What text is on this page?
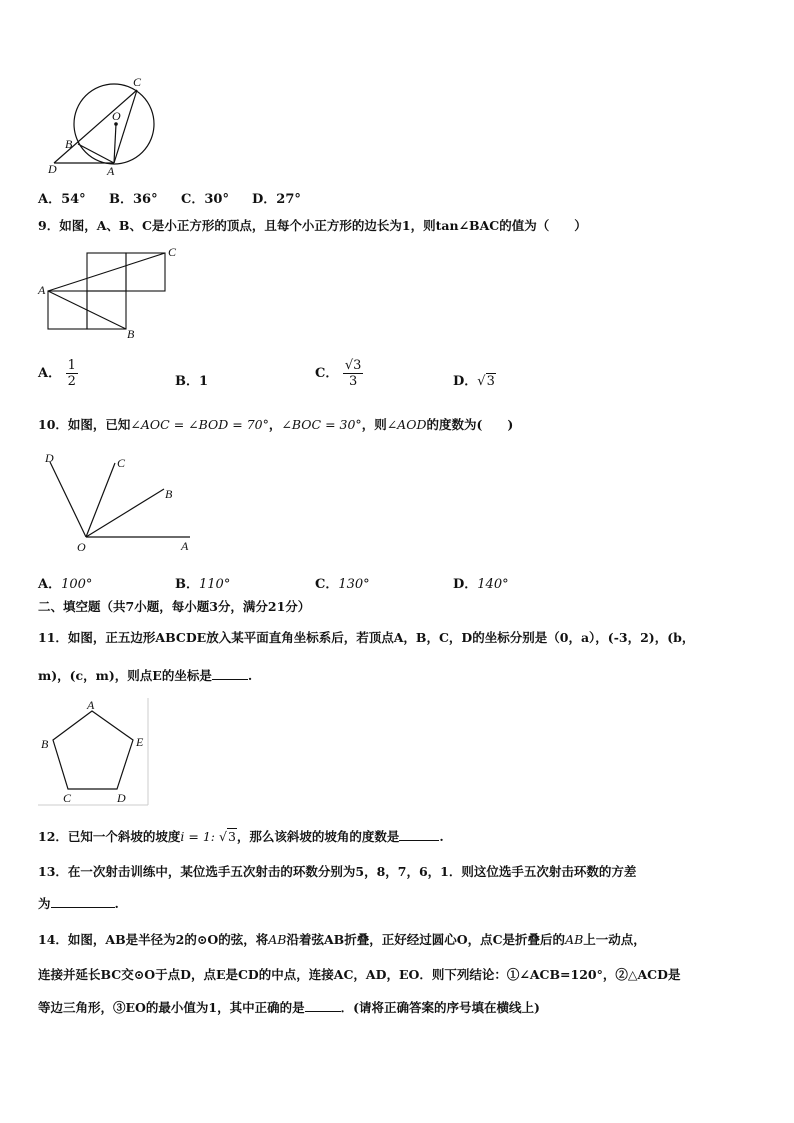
C
O
B
D	A
A．54° B．36° C．30° D．27°
9．如图，A、B、C是小正方形的顶点，且每个小正方形的边长为1，则tan∠BAC的值为（　　）
A
B
C
A． $\frac{1}{2}$	B．1
C． $\frac{√3}{3}$	D．√3
10．如图，已知∠AOC = ∠BOD = 70°，∠BOC = 30°，则∠AOD的度数为(　　)
D	C
B
O	A
A．100°	B．110°	C．130°	D．140°
二、填空题（共7小题，每小题3分，满分21分）
11．如图，正五边形ABCDE放入某平面直角坐标系后，若顶点A，B，C，D的坐标分别是（0，a），(-3，2)，(b，
m)，(c，m)，则点E的坐标是	.
A
B	E
C	D
12．已知一个斜坡的坡度i = 1: √3，那么该斜坡的坡角的度数是	.
13．在一次射击训练中，某位选手五次射击的环数分别为5，8，7，6，1．则这位选手五次射击环数的方差
为	.
14．如图，AB是半径为2的⊙O的弦，将AB沿着弦AB折叠，正好经过圆心O，点C是折叠后的AB上一动点，
连接并延长BC交⊙O于点D，点E是CD的中点，连接AC，AD，EO．则下列结论：①∠ACB=120°，②△ACD是
等边三角形，③EO的最小值为1，其中正确的是	．(请将正确答案的序号填在横线上)
